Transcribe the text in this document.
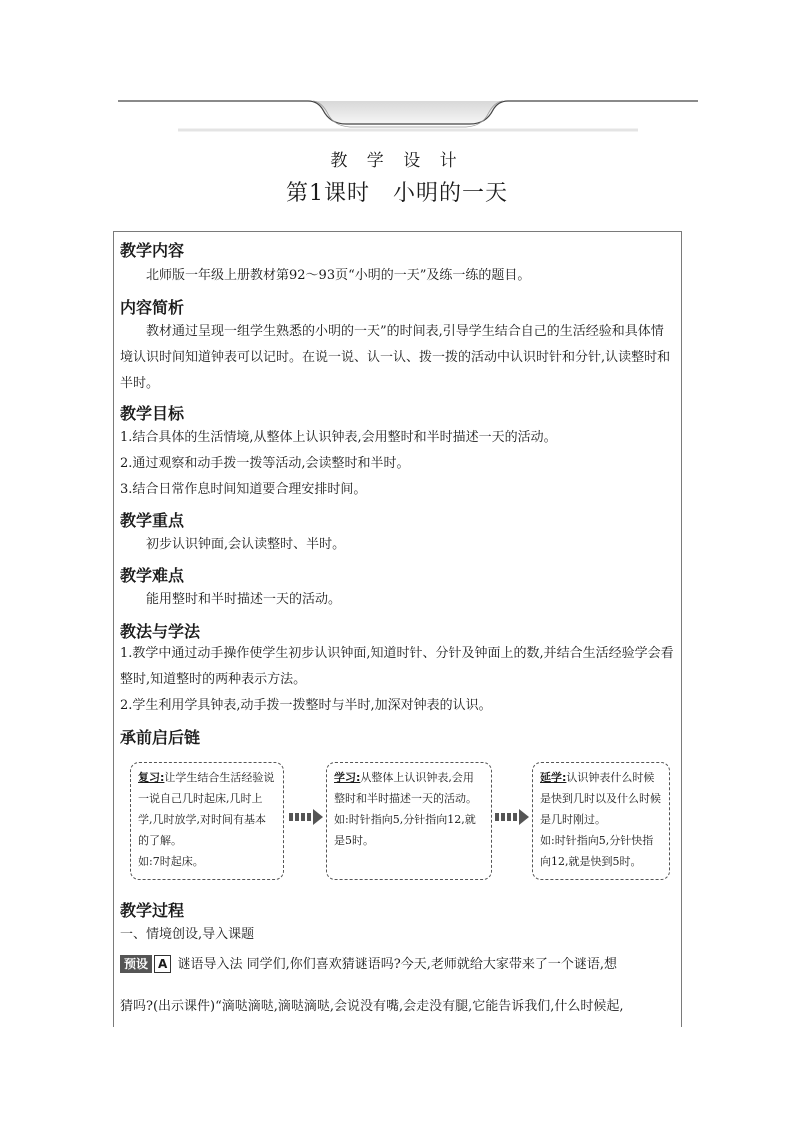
教 学 设 计
第1课时　小明的一天
教学内容
北师版一年级上册教材第92～93页“小明的一天”及练一练的题目。
内容简析
教材通过呈现一组学生熟悉的小明的一天”的时间表,引导学生结合自己的生活经验和具体情境认识时间知道钟表可以记时。在说一说、认一认、拨一拨的活动中认识时针和分针,认读整时和半时。
教学目标
1.结合具体的生活情境,从整体上认识钟表,会用整时和半时描述一天的活动。
2.通过观察和动手拨一拨等活动,会读整时和半时。
3.结合日常作息时间知道要合理安排时间。
教学重点
初步认识钟面,会认读整时、半时。
教学难点
能用整时和半时描述一天的活动。
教法与学法
1.教学中通过动手操作使学生初步认识钟面,知道时针、分针及钟面上的数,并结合生活经验学会看整时,知道整时的两种表示方法。
2.学生利用学具钟表,动手拨一拨整时与半时,加深对钟表的认识。
承前启后链
复习:让学生结合生活经验说一说自己几时起床,几时上学,几时放学,对时间有基本的了解。
如:7时起床。
学习:从整体上认识钟表,会用整时和半时描述一天的活动。如:时针指向5,分针指向12,就是5时。
延学:认识钟表什么时候是快到几时以及什么时候是几时刚过。
如:时针指向5,分针快指向12,就是快到5时。
教学过程
一、情境创设,导入课题
预设 A 谜语导入法 同学们,你们喜欢猜谜语吗?今天,老师就给大家带来了一个谜语,想
猜吗?(出示课件)“滴哒滴哒,滴哒滴哒,会说没有嘴,会走没有腿,它能告诉我们,什么时候起,
